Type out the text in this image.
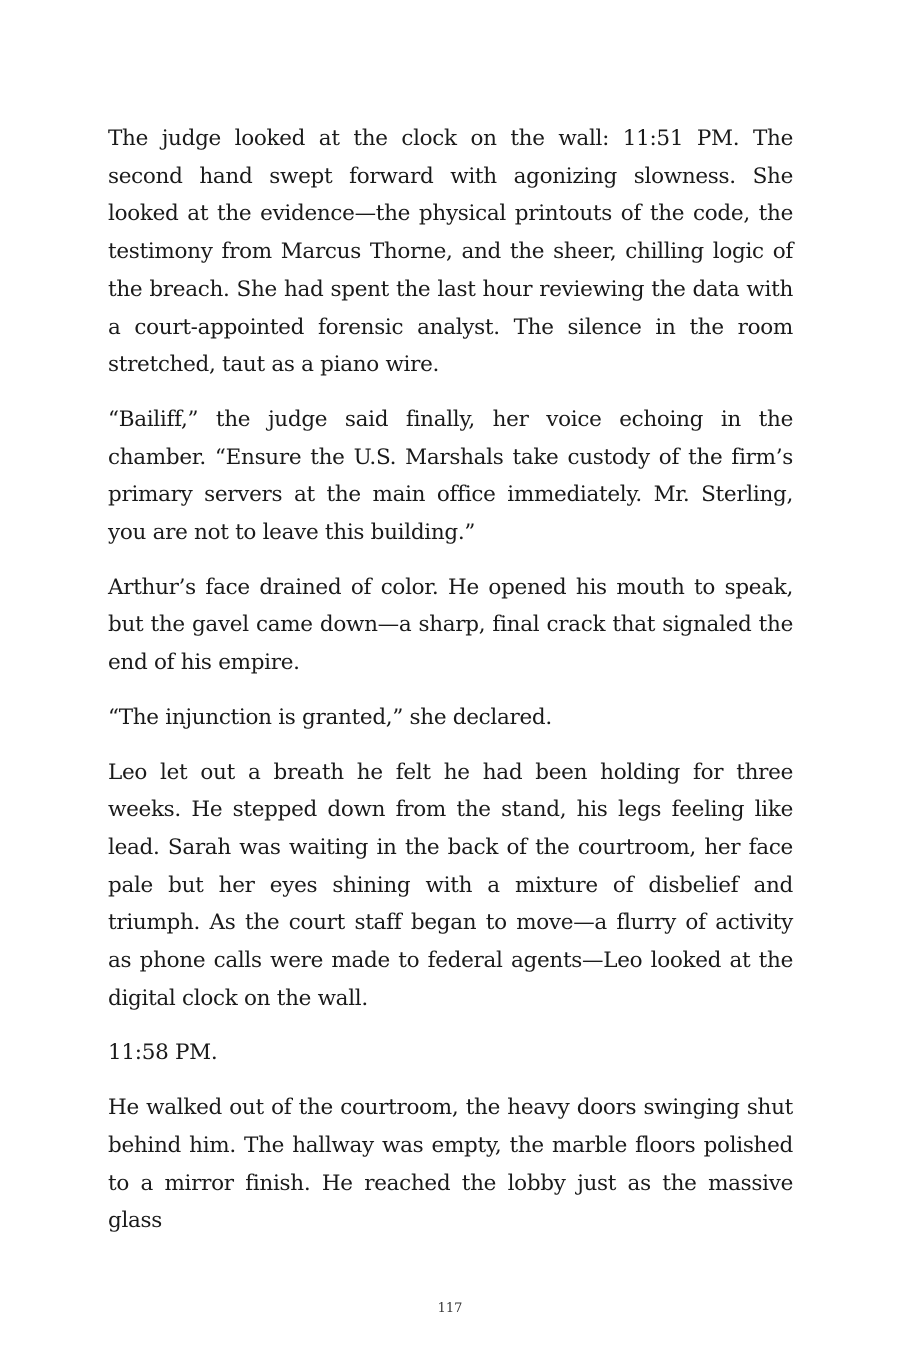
The judge looked at the clock on the wall: 11:51 PM. The second hand swept forward with agonizing slowness. She looked at the evidence—the physical printouts of the code, the testimony from Marcus Thorne, and the sheer, chilling logic of the breach. She had spent the last hour reviewing the data with a court-appointed forensic analyst. The silence in the room stretched, taut as a piano wire.

“Bailiff,” the judge said finally, her voice echoing in the chamber. “Ensure the U.S. Marshals take custody of the firm’s primary servers at the main office immediately. Mr. Sterling, you are not to leave this building.”

Arthur’s face drained of color. He opened his mouth to speak, but the gavel came down—a sharp, final crack that signaled the end of his empire.

“The injunction is granted,” she declared.

Leo let out a breath he felt he had been holding for three weeks. He stepped down from the stand, his legs feeling like lead. Sarah was waiting in the back of the courtroom, her face pale but her eyes shining with a mixture of disbelief and triumph. As the court staff began to move—a flurry of activity as phone calls were made to federal agents—Leo looked at the digital clock on the wall.

11:58 PM.

He walked out of the courtroom, the heavy doors swinging shut behind him. The hallway was empty, the marble floors polished to a mirror finish. He reached the lobby just as the massive glass

117
